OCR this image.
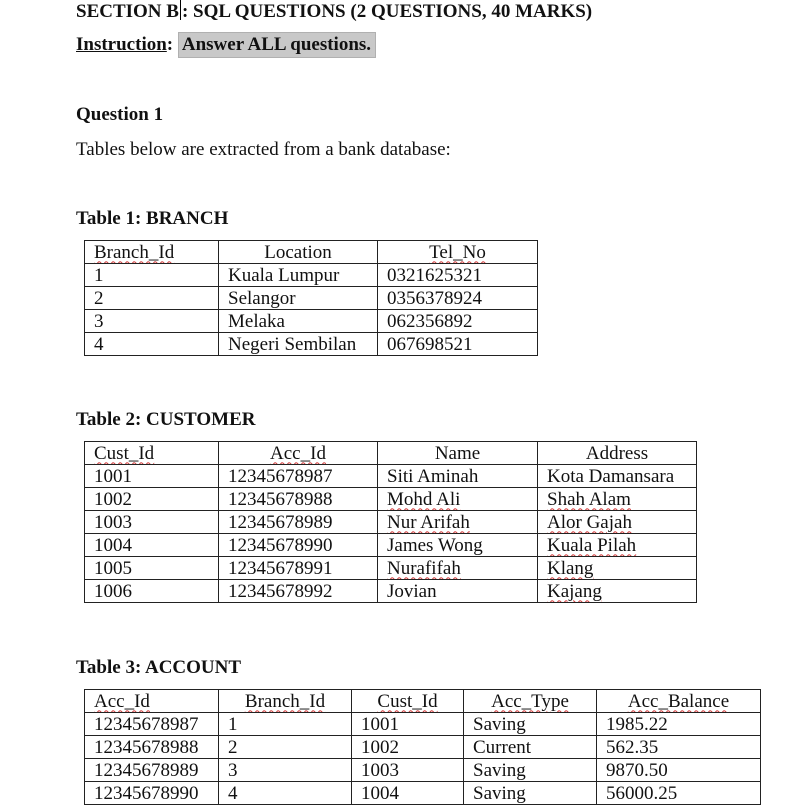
SECTION B : SQL QUESTIONS (2 QUESTIONS, 40 MARKS)
Instruction: Answer ALL questions.
Question 1
Tables below are extracted from a bank database:
Table 1: BRANCH
Branch_Id	Location	Tel_No
1	Kuala Lumpur	0321625321
2	Selangor	0356378924
3	Melaka	062356892
4	Negeri Sembilan	067698521
Table 2: CUSTOMER
Cust_Id	Acc_Id	Name	Address
1001	12345678987	Siti Aminah	Kota Damansara
1002	12345678988	Mohd Ali	Shah Alam
1003	12345678989	Nur Arifah	Alor Gajah
1004	12345678990	James Wong	Kuala Pilah
1005	12345678991	Nurafifah	Klang
1006	12345678992	Jovian	Kajang
Table 3: ACCOUNT
Acc_Id	Branch_Id	Cust_Id	Acc_Type	Acc_Balance
12345678987	1	1001	Saving	1985.22
12345678988	2	1002	Current	562.35
12345678989	3	1003	Saving	9870.50
12345678990	4	1004	Saving	56000.25
